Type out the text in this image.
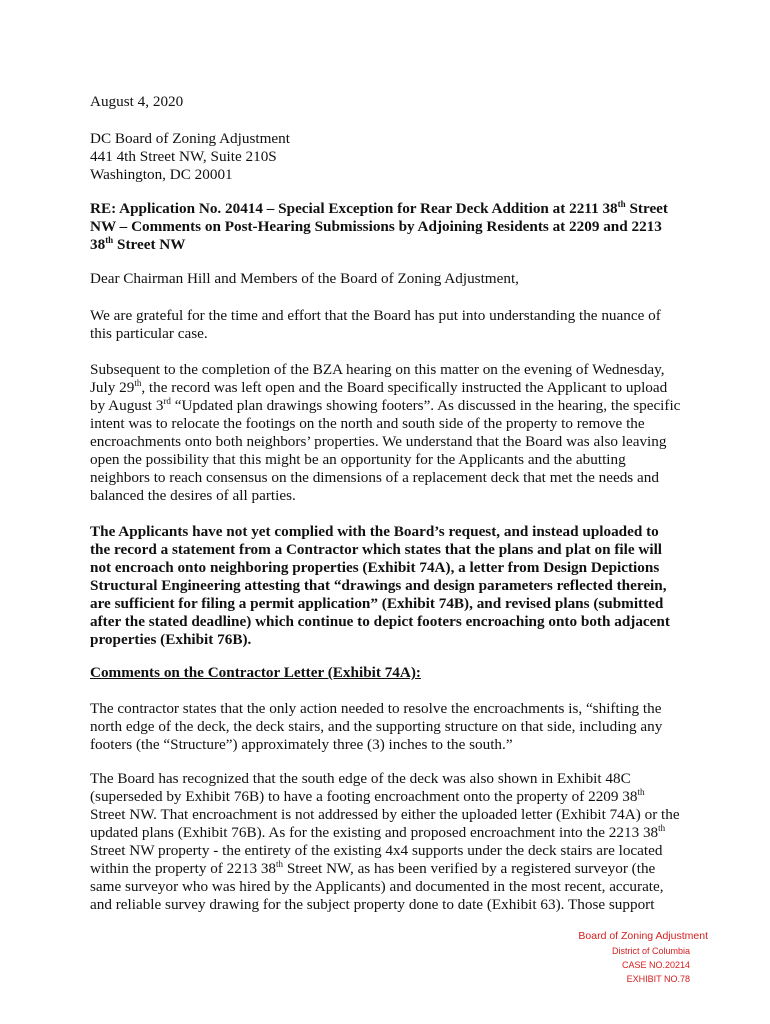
August 4, 2020

DC Board of Zoning Adjustment
441 4th Street NW, Suite 210S
Washington, DC 20001

RE: Application No. 20414 – Special Exception for Rear Deck Addition at 2211 38th Street NW – Comments on Post-Hearing Submissions by Adjoining Residents at 2209 and 2213 38th Street NW

Dear Chairman Hill and Members of the Board of Zoning Adjustment,

We are grateful for the time and effort that the Board has put into understanding the nuance of this particular case.

Subsequent to the completion of the BZA hearing on this matter on the evening of Wednesday, July 29th, the record was left open and the Board specifically instructed the Applicant to upload by August 3rd “Updated plan drawings showing footers”. As discussed in the hearing, the specific intent was to relocate the footings on the north and south side of the property to remove the encroachments onto both neighbors’ properties. We understand that the Board was also leaving open the possibility that this might be an opportunity for the Applicants and the abutting neighbors to reach consensus on the dimensions of a replacement deck that met the needs and balanced the desires of all parties.

The Applicants have not yet complied with the Board’s request, and instead uploaded to the record a statement from a Contractor which states that the plans and plat on file will not encroach onto neighboring properties (Exhibit 74A), a letter from Design Depictions Structural Engineering attesting that “drawings and design parameters reflected therein, are sufficient for filing a permit application” (Exhibit 74B), and revised plans (submitted after the stated deadline) which continue to depict footers encroaching onto both adjacent properties (Exhibit 76B).

Comments on the Contractor Letter (Exhibit 74A):

The contractor states that the only action needed to resolve the encroachments is, “shifting the north edge of the deck, the deck stairs, and the supporting structure on that side, including any footers (the “Structure”) approximately three (3) inches to the south.”

The Board has recognized that the south edge of the deck was also shown in Exhibit 48C (superseded by Exhibit 76B) to have a footing encroachment onto the property of 2209 38th Street NW. That encroachment is not addressed by either the uploaded letter (Exhibit 74A) or the updated plans (Exhibit 76B). As for the existing and proposed encroachment into the 2213 38th Street NW property - the entirety of the existing 4x4 supports under the deck stairs are located within the property of 2213 38th Street NW, as has been verified by a registered surveyor (the same surveyor who was hired by the Applicants) and documented in the most recent, accurate, and reliable survey drawing for the subject property done to date (Exhibit 63). Those support

Board of Zoning Adjustment
District of Columbia
CASE NO.20214
EXHIBIT NO.78
